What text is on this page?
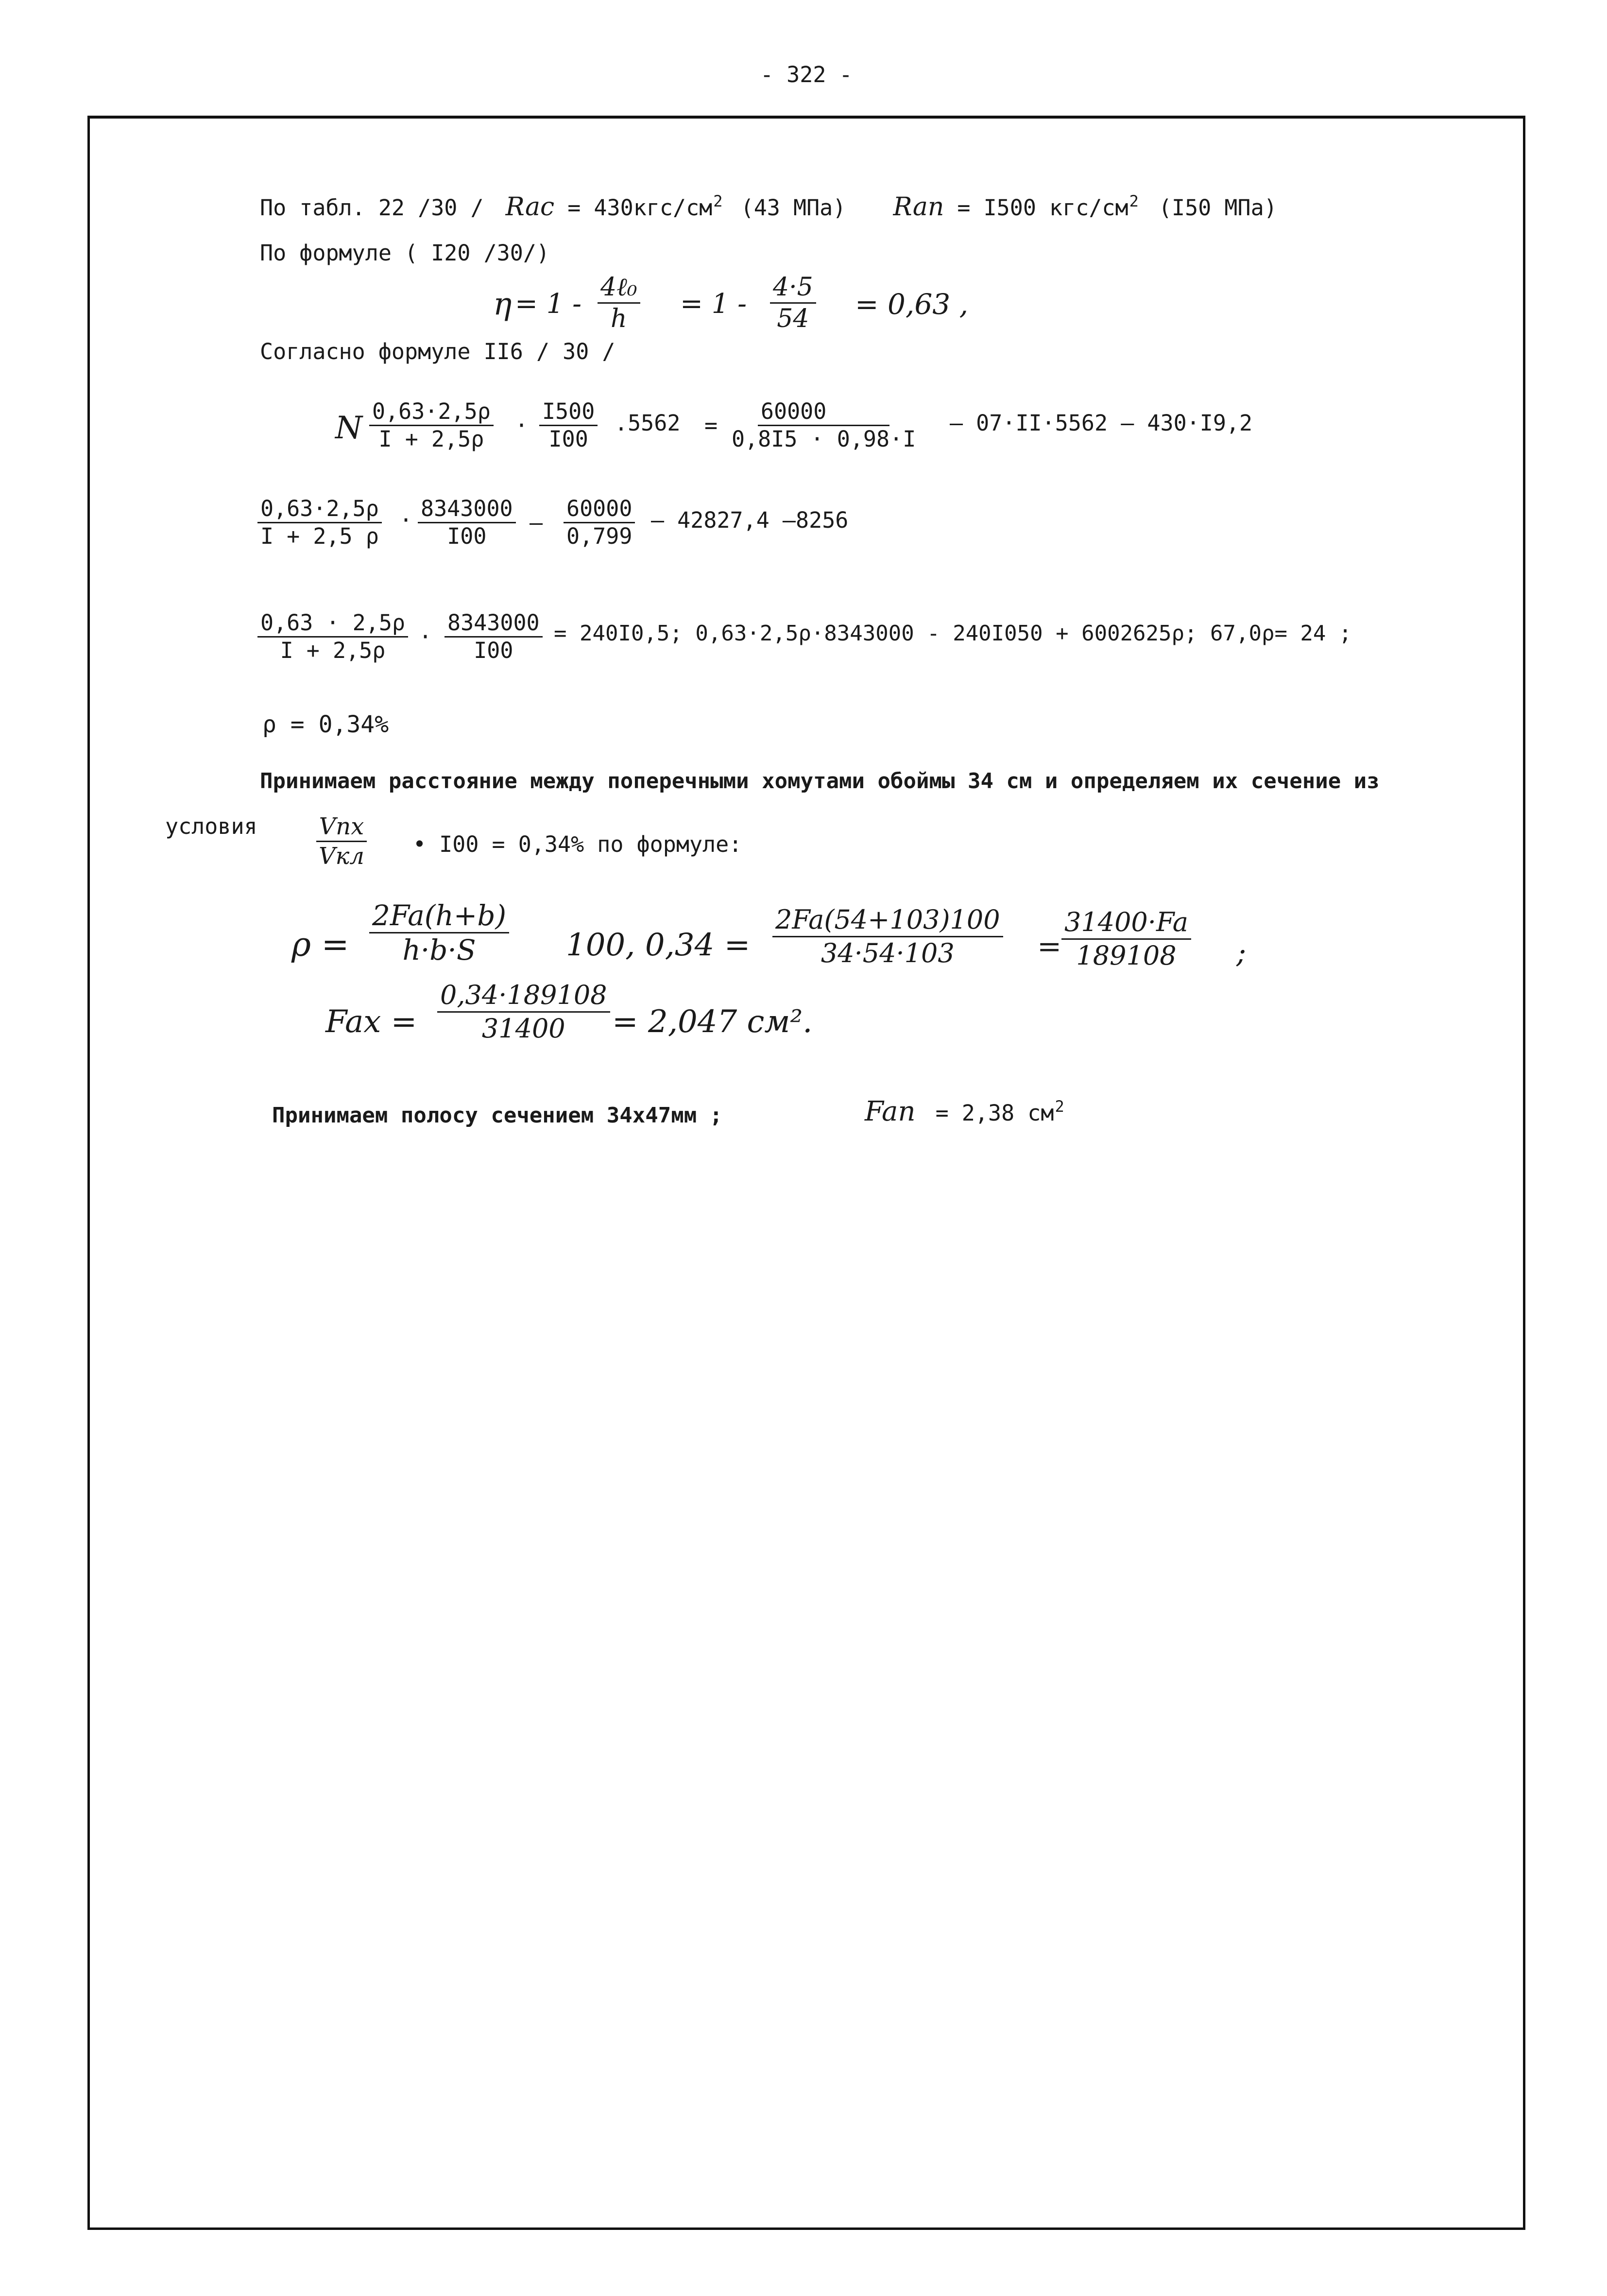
- 322 -
По табл. 22 /30 / Rac = $430кгс/см^2$ (43 МПа) Ran = I500 кгс/$см^2$ (I50 МПа)
По формуле ( I20 /30/)
η = 1 -
4ℓ₀
$h = 1 - \frac{4\cdot 5}{54} = 0,63$ ,
Согласно формуле II6 / 30 /
N $\frac{0,63\cdot 2,5\rho}{I + 2,5\rho} \cdot \frac{I500}{I00} .5562 = \frac{60000}{0,8I5 \cdot 0,98\cdot I} - 07\cdot II\cdot 5562 - 430\cdot I9,2$
$\frac{0,63\cdot 2,5\rho}{I + 2,5 \rho} \cdot \frac{8343000}{I00} - \frac{60000}{0,799} - 42827,4$ –8256
$\frac{0,63 \cdot 2,5\rho}{I + 2,5\rho} \cdot \frac{8343000}{I00} = 240I0,5$; 0,63·2,5ρ·8343000 - 240I050 + 6002625ρ; 67,0ρ= 24 ;
ρ = 0,34%
Принимаем расстояние между поперечными хомутами обоймы 34 см и определяем их сечение из
условия	Vпх
Vкл • I00 = 0,34% по формуле:
$\rho = \frac{2Fa(h+b)}{h\cdot b\cdot S} 100$, $0,34 = \frac{2Fa(54+103)100}{34\cdot 54\cdot 103} = \frac{31400\cdot Fa}{189108}$ ;
Fax = $\frac{0,34\cdot 189108}{31400} = 2,047$ см².
Принимаем полосу сечением 34х47мм ;	Fan = 2,38 $см^2$
